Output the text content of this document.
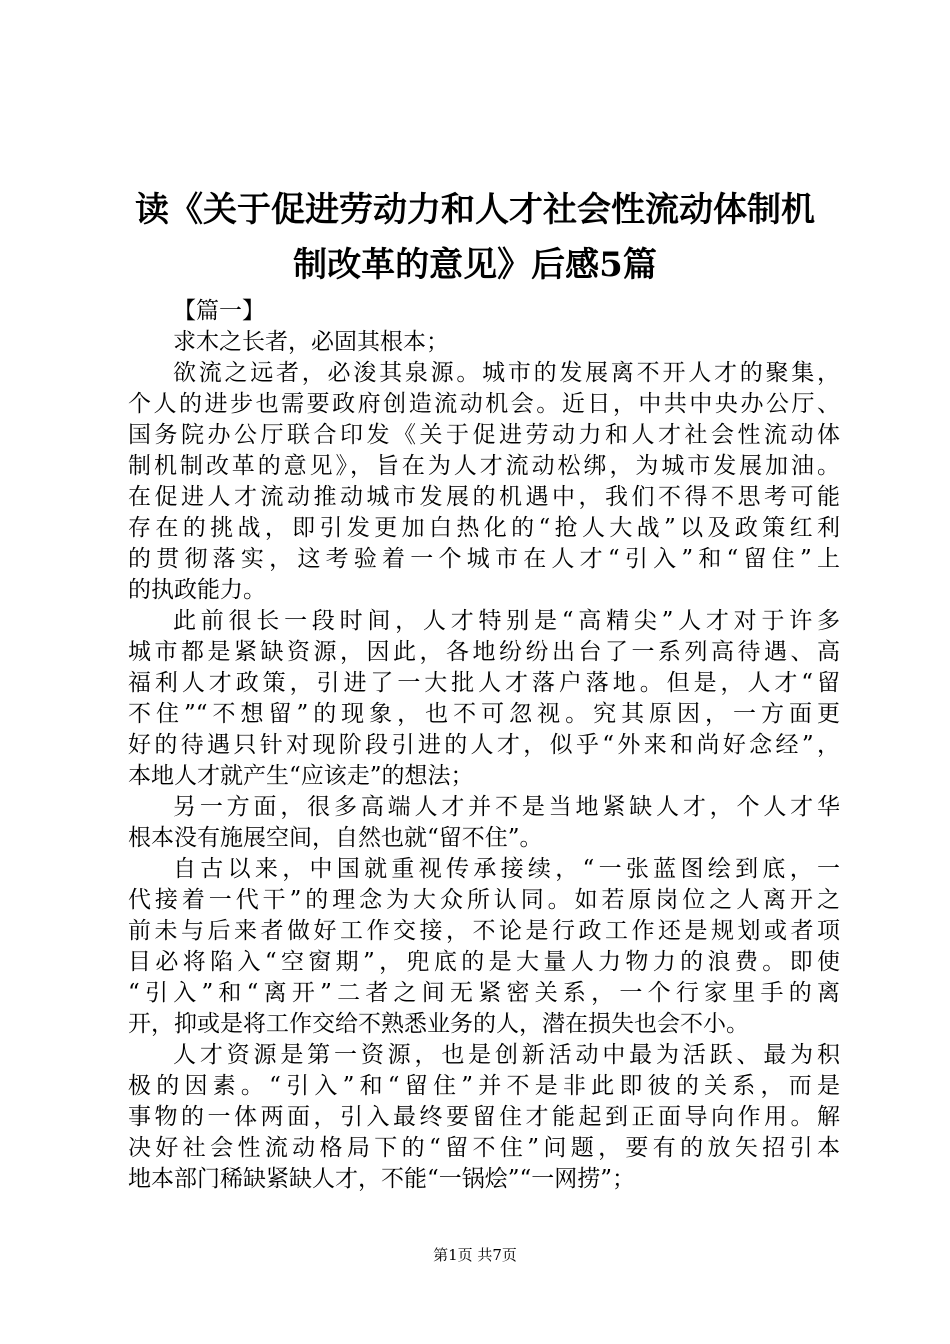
读《关于促进劳动力和人才社会性流动体制机
制改革的意见》后感5篇
【篇一】
求木之长者，必固其根本；
欲流之远者，必浚其泉源。城市的发展离不开人才的聚集，
个人的进步也需要政府创造流动机会。近日，中共中央办公厅、
国务院办公厅联合印发《关于促进劳动力和人才社会性流动体
制机制改革的意见》，旨在为人才流动松绑，为城市发展加油。
在促进人才流动推动城市发展的机遇中，我们不得不思考可能
存在的挑战，即引发更加白热化的“抢人大战”以及政策红利
的贯彻落实，这考验着一个城市在人才“引入”和“留住”上
的执政能力。
此前很长一段时间，人才特别是“高精尖”人才对于许多
城市都是紧缺资源，因此，各地纷纷出台了一系列高待遇、高
福利人才政策，引进了一大批人才落户落地。但是，人才“留
不住”“不想留”的现象，也不可忽视。究其原因，一方面更
好的待遇只针对现阶段引进的人才，似乎“外来和尚好念经”，
本地人才就产生“应该走”的想法；
另一方面，很多高端人才并不是当地紧缺人才，个人才华
根本没有施展空间，自然也就“留不住”。
自古以来，中国就重视传承接续，“一张蓝图绘到底，一
代接着一代干”的理念为大众所认同。如若原岗位之人离开之
前未与后来者做好工作交接，不论是行政工作还是规划或者项
目必将陷入“空窗期”，兜底的是大量人力物力的浪费。即使
“引入”和“离开”二者之间无紧密关系，一个行家里手的离
开，抑或是将工作交给不熟悉业务的人，潜在损失也会不小。
人才资源是第一资源，也是创新活动中最为活跃、最为积
极的因素。“引入”和“留住”并不是非此即彼的关系，而是
事物的一体两面，引入最终要留住才能起到正面导向作用。解
决好社会性流动格局下的“留不住”问题，要有的放矢招引本
地本部门稀缺紧缺人才，不能“一锅烩”“一网捞”；
第1页 共7页
